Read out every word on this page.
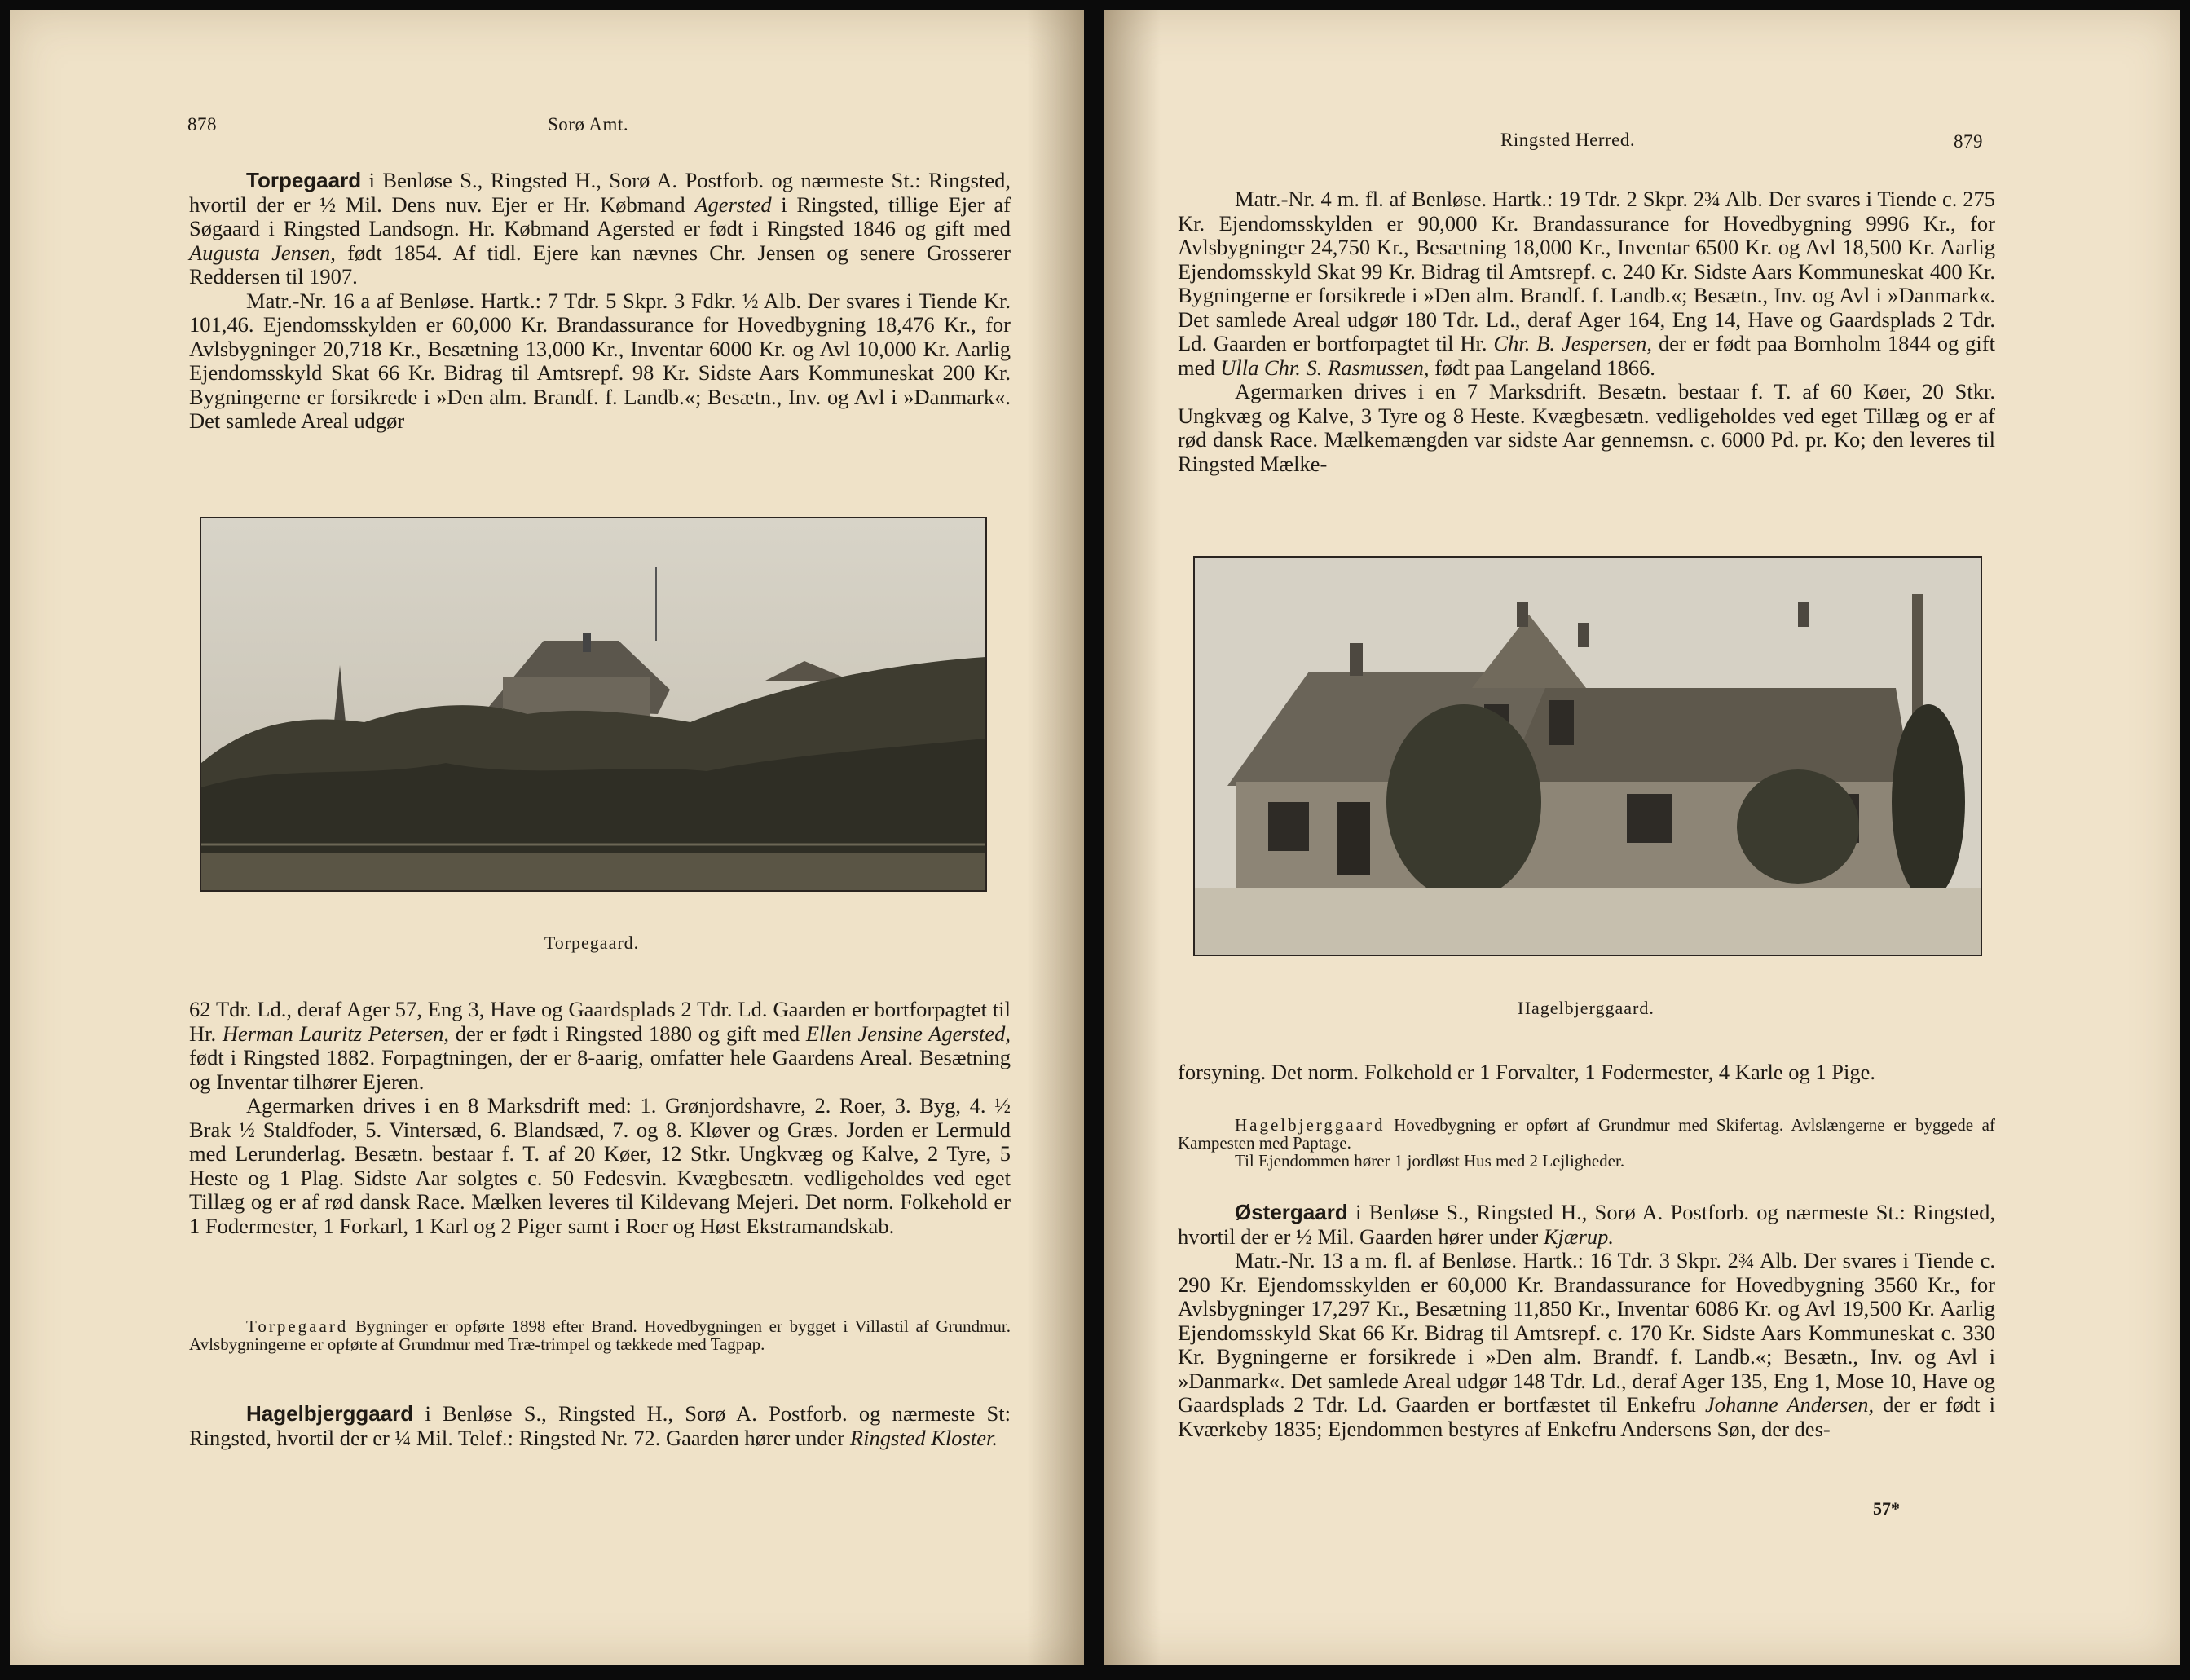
878	Sorø Amt.

Torpegaard i Benløse S., Ringsted H., Sorø A. Postforb. og nærmeste St.: Ringsted, hvortil der er ½ Mil. Dens nuv. Ejer er Hr. Købmand Agersted i Ringsted, tillige Ejer af Søgaard i Ringsted Landsogn. Hr. Købmand Agersted er født i Ringsted 1846 og gift med Augusta Jensen, født 1854. Af tidl. Ejere kan nævnes Chr. Jensen og senere Grosserer Reddersen til 1907.

Matr.-Nr. 16 a af Benløse. Hartk.: 7 Tdr. 5 Skpr. 3 Fdkr. ½ Alb. Der svares i Tiende Kr. 101,46. Ejendomsskylden er 60,000 Kr. Brandassurance for Hovedbygning 18,476 Kr., for Avlsbygninger 20,718 Kr., Besætning 13,000 Kr., Inventar 6000 Kr. og Avl 10,000 Kr. Aarlig Ejendomsskyld Skat 66 Kr. Bidrag til Amtsrepf. 98 Kr. Sidste Aars Kommuneskat 200 Kr. Bygningerne er forsikrede i »Den alm. Brandf. f. Landb.«; Besætn., Inv. og Avl i »Danmark«. Det samlede Areal udgør

Torpegaard.

62 Tdr. Ld., deraf Ager 57, Eng 3, Have og Gaardsplads 2 Tdr. Ld. Gaarden er bortforpagtet til Hr. Herman Lauritz Petersen, der er født i Ringsted 1880 og gift med Ellen Jensine Agersted, født i Ringsted 1882. Forpagtningen, der er 8-aarig, omfatter hele Gaardens Areal. Besætning og Inventar tilhører Ejeren.

Agermarken drives i en 8 Marksdrift med: 1. Grønjordshavre, 2. Roer, 3. Byg, 4. ½ Brak ½ Staldfoder, 5. Vintersæd, 6. Blandsæd, 7. og 8. Kløver og Græs. Jorden er Lermuld med Lerunderlag. Besætn. bestaar f. T. af 20 Køer, 12 Stkr. Ungkvæg og Kalve, 2 Tyre, 5 Heste og 1 Plag. Sidste Aar solgtes c. 50 Fedesvin. Kvægbesætn. vedligeholdes ved eget Tillæg og er af rød dansk Race. Mælken leveres til Kildevang Mejeri. Det norm. Folkehold er 1 Fodermester, 1 Forkarl, 1 Karl og 2 Piger samt i Roer og Høst Ekstramandskab.

Torpegaard Bygninger er opførte 1898 efter Brand. Hovedbygningen er bygget i Villastil af Grundmur. Avlsbygningerne er opførte af Grundmur med Træ-trimpel og tækkede med Tagpap.

Hagelbjerggaard i Benløse S., Ringsted H., Sorø A. Postforb. og nærmeste St: Ringsted, hvortil der er ¼ Mil. Telef.: Ringsted Nr. 72. Gaarden hører under Ringsted Kloster.

Ringsted Herred.	879

Matr.-Nr. 4 m. fl. af Benløse. Hartk.: 19 Tdr. 2 Skpr. 2¾ Alb. Der svares i Tiende c. 275 Kr. Ejendomsskylden er 90,000 Kr. Brandassurance for Hovedbygning 9996 Kr., for Avlsbygninger 24,750 Kr., Besætning 18,000 Kr., Inventar 6500 Kr. og Avl 18,500 Kr. Aarlig Ejendomsskyld Skat 99 Kr. Bidrag til Amtsrepf. c. 240 Kr. Sidste Aars Kommuneskat 400 Kr. Bygningerne er forsikrede i »Den alm. Brandf. f. Landb.«; Besætn., Inv. og Avl i »Danmark«. Det samlede Areal udgør 180 Tdr. Ld., deraf Ager 164, Eng 14, Have og Gaardsplads 2 Tdr. Ld. Gaarden er bortforpagtet til Hr. Chr. B. Jespersen, der er født paa Bornholm 1844 og gift med Ulla Chr. S. Rasmussen, født paa Langeland 1866.

Agermarken drives i en 7 Marksdrift. Besætn. bestaar f. T. af 60 Køer, 20 Stkr. Ungkvæg og Kalve, 3 Tyre og 8 Heste. Kvægbesætn. vedligeholdes ved eget Tillæg og er af rød dansk Race. Mælkemængden var sidste Aar gennemsn. c. 6000 Pd. pr. Ko; den leveres til Ringsted Mælke-

Hagelbjerggaard.

forsyning. Det norm. Folkehold er 1 Forvalter, 1 Fodermester, 4 Karle og 1 Pige.

Hagelbjerggaard Hovedbygning er opført af Grundmur med Skifertag. Avlslængerne er byggede af Kampesten med Paptage.

Til Ejendommen hører 1 jordløst Hus med 2 Lejligheder.

Østergaard i Benløse S., Ringsted H., Sorø A. Postforb. og nærmeste St.: Ringsted, hvortil der er ½ Mil. Gaarden hører under Kjærup.

Matr.-Nr. 13 a m. fl. af Benløse. Hartk.: 16 Tdr. 3 Skpr. 2¾ Alb. Der svares i Tiende c. 290 Kr. Ejendomsskylden er 60,000 Kr. Brandassurance for Hovedbygning 3560 Kr., for Avlsbygninger 17,297 Kr., Besætning 11,850 Kr., Inventar 6086 Kr. og Avl 19,500 Kr. Aarlig Ejendomsskyld Skat 66 Kr. Bidrag til Amtsrepf. c. 170 Kr. Sidste Aars Kommuneskat c. 330 Kr. Bygningerne er forsikrede i »Den alm. Brandf. f. Landb.«; Besætn., Inv. og Avl i »Danmark«. Det samlede Areal udgør 148 Tdr. Ld., deraf Ager 135, Eng 1, Mose 10, Have og Gaardsplads 2 Tdr. Ld. Gaarden er bortfæstet til Enkefru Johanne Andersen, der er født i Kværkeby 1835; Ejendommen bestyres af Enkefru Andersens Søn, der des-

57*
